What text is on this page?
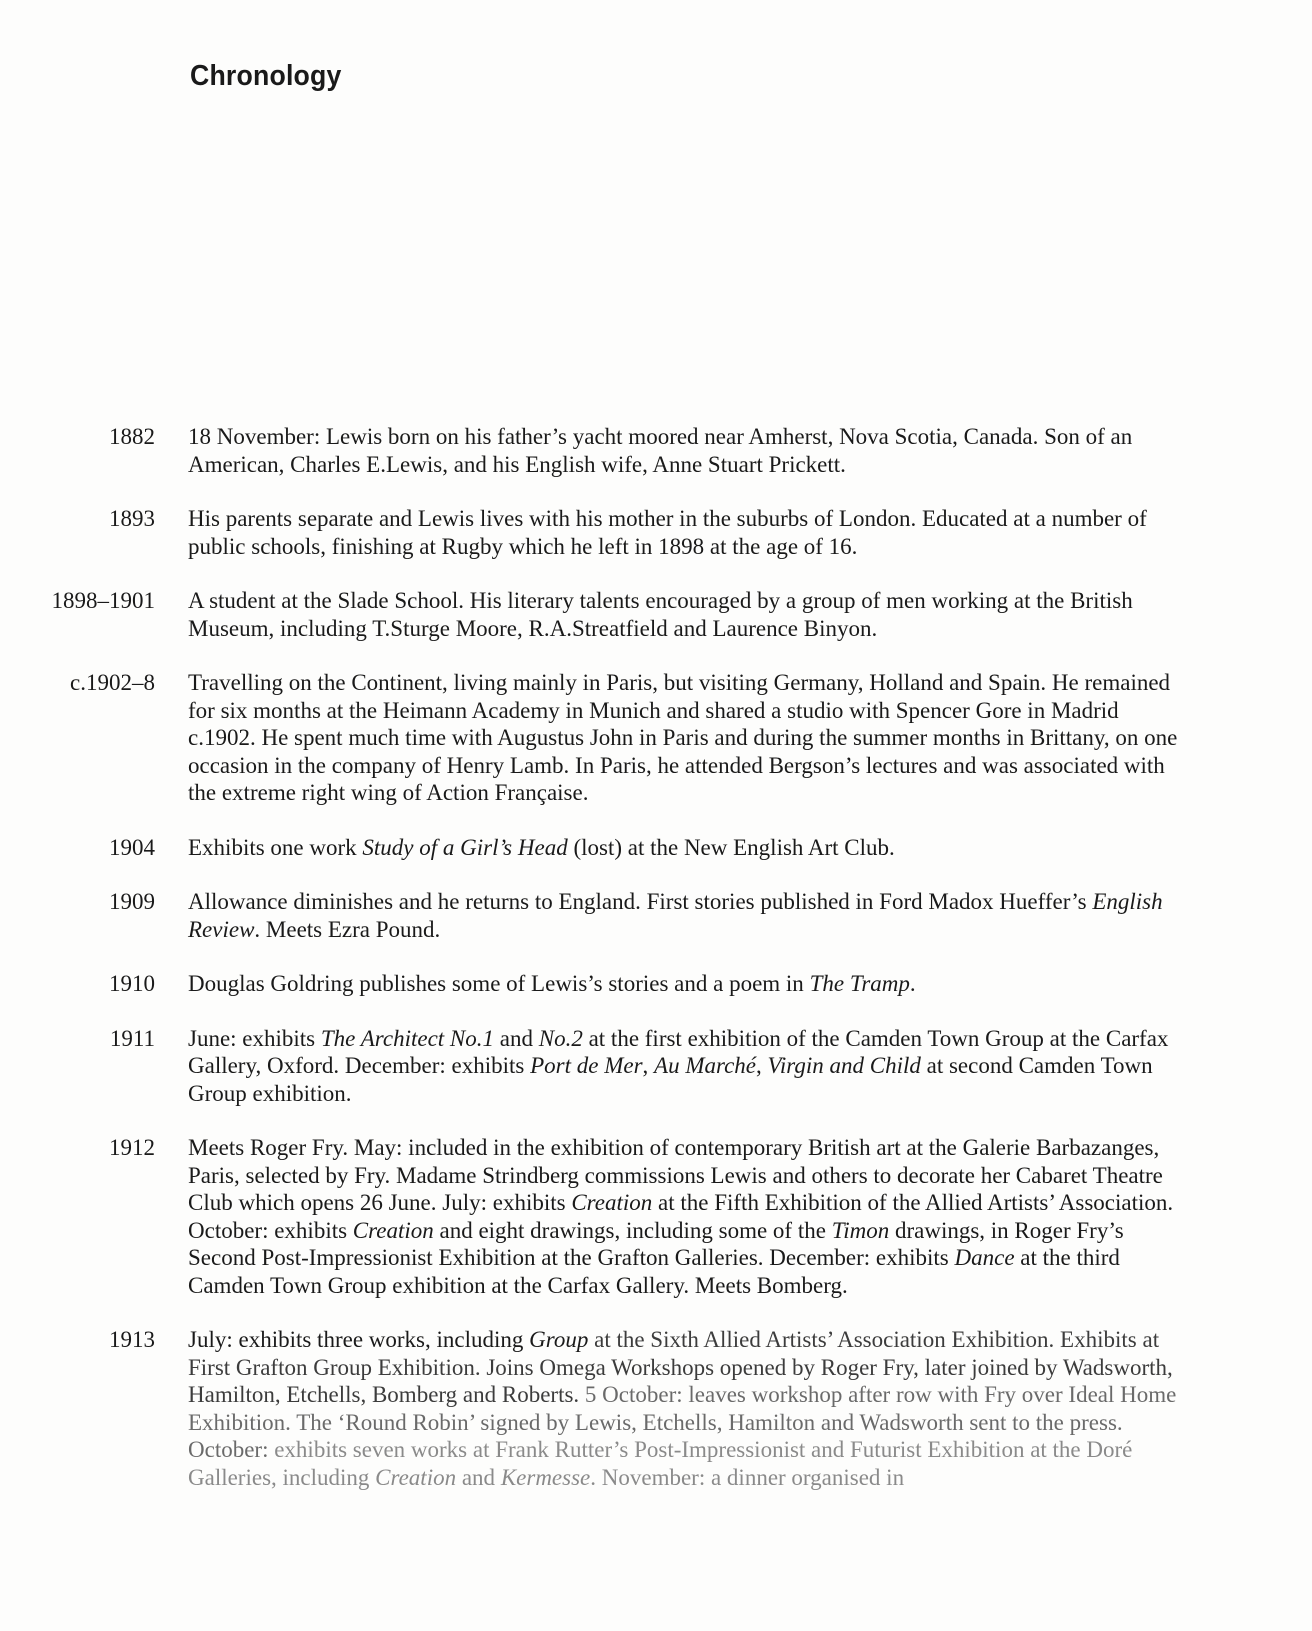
Chronology
1882 18 November: Lewis born on his father’s yacht moored near Amherst, Nova Scotia, Canada. Son of an American, Charles E.Lewis, and his English wife, Anne Stuart Prickett.
1893 His parents separate and Lewis lives with his mother in the suburbs of London. Educated at a number of public schools, finishing at Rugby which he left in 1898 at the age of 16.
1898–1901 A student at the Slade School. His literary talents encouraged by a group of men working at the British Museum, including T.Sturge Moore, R.A.Streatfield and Laurence Binyon.
c.1902–8 Travelling on the Continent, living mainly in Paris, but visiting Germany, Holland and Spain. He remained for six months at the Heimann Academy in Munich and shared a studio with Spencer Gore in Madrid c.1902. He spent much time with Augustus John in Paris and during the summer months in Brittany, on one occasion in the company of Henry Lamb. In Paris, he attended Bergson’s lectures and was associated with the extreme right wing of Action Française.
1904 Exhibits one work Study of a Girl’s Head (lost) at the New English Art Club.
1909 Allowance diminishes and he returns to England. First stories published in Ford Madox Hueffer’s English Review. Meets Ezra Pound.
1910 Douglas Goldring publishes some of Lewis’s stories and a poem in The Tramp.
1911 June: exhibits The Architect No.1 and No.2 at the first exhibition of the Camden Town Group at the Carfax Gallery, Oxford. December: exhibits Port de Mer, Au Marché, Virgin and Child at second Camden Town Group exhibition.
1912 Meets Roger Fry. May: included in the exhibition of contemporary British art at the Galerie Barbazanges, Paris, selected by Fry. Madame Strindberg commissions Lewis and others to decorate her Cabaret Theatre Club which opens 26 June. July: exhibits Creation at the Fifth Exhibition of the Allied Artists’ Association. October: exhibits Creation and eight drawings, including some of the Timon drawings, in Roger Fry’s Second Post-Impressionist Exhibition at the Grafton Galleries. December: exhibits Dance at the third Camden Town Group exhibition at the Carfax Gallery. Meets Bomberg.
1913 July: exhibits three works, including Group at the Sixth Allied Artists’ Association Exhibition. Exhibits at First Grafton Group Exhibition. Joins Omega Workshops opened by Roger Fry, later joined by Wadsworth, Hamilton, Etchells, Bomberg and Roberts. 5 October: leaves workshop after row with Fry over Ideal Home Exhibition. The ‘Round Robin’ signed by Lewis, Etchells, Hamilton and Wadsworth sent to the press. October: exhibits seven works at Frank Rutter’s Post-Impressionist and Futurist Exhibition at the Doré Galleries, including Creation and Kermesse. November: a dinner organised in
